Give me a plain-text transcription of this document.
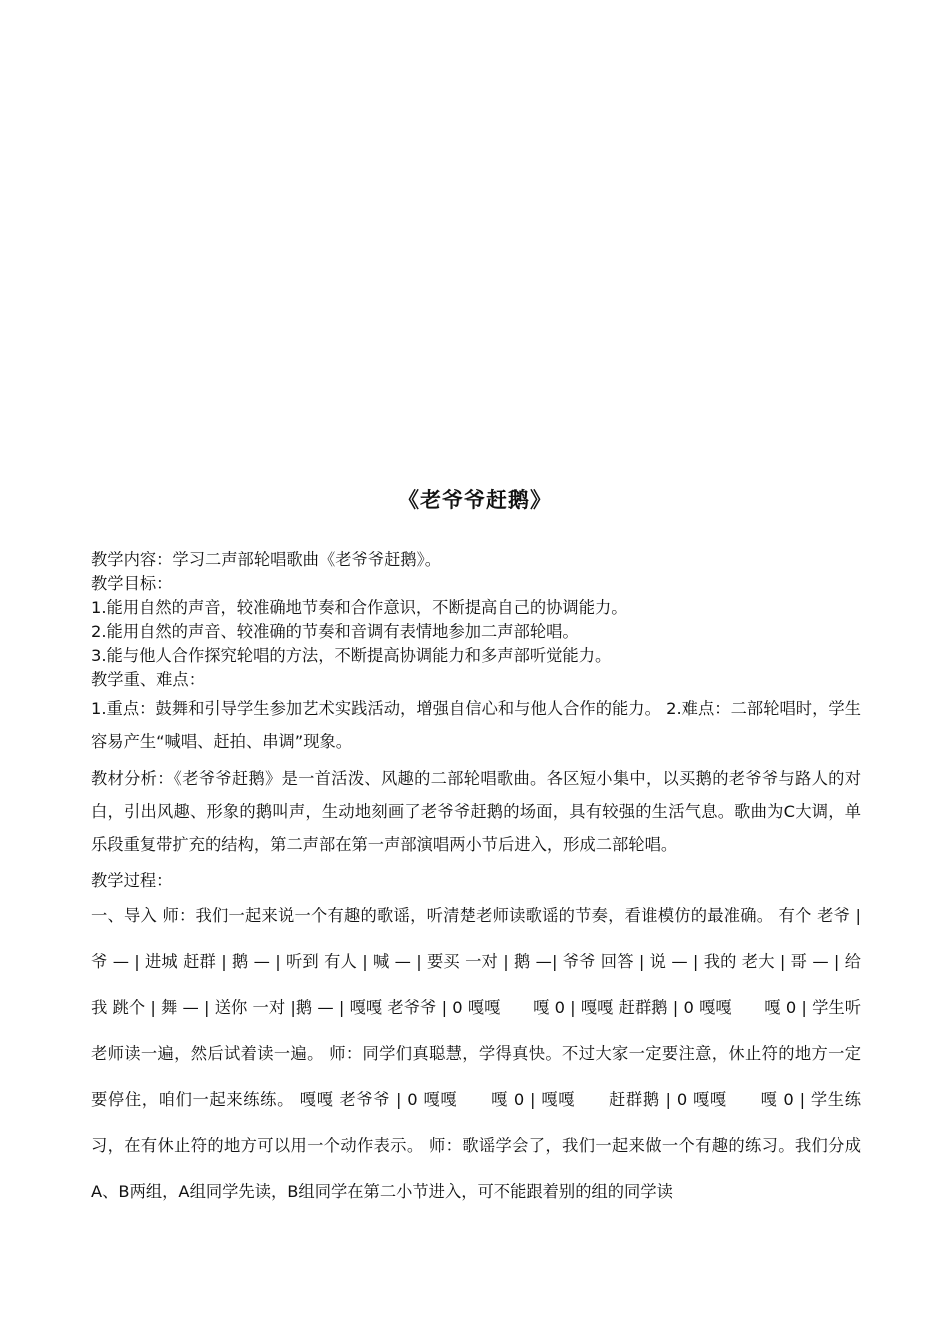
《老爷爷赶鹅》

教学内容：学习二声部轮唱歌曲《老爷爷赶鹅》。

教学目标：

1.能用自然的声音，较准确地节奏和合作意识，不断提高自己的协调能力。

2.能用自然的声音、较准确的节奏和音调有表情地参加二声部轮唱。

3.能与他人合作探究轮唱的方法，不断提高协调能力和多声部听觉能力。

教学重、难点：

1.重点：鼓舞和引导学生参加艺术实践活动，增强自信心和与他人合作的能力。 2.难点：二部轮唱时，学生容易产生“喊唱、赶拍、串调”现象。

教材分析：《老爷爷赶鹅》是一首活泼、风趣的二部轮唱歌曲。各区短小集中，以买鹅的老爷爷与路人的对白，引出风趣、形象的鹅叫声，生动地刻画了老爷爷赶鹅的场面，具有较强的生活气息。歌曲为C大调，单乐段重复带扩充的结构，第二声部在第一声部演唱两小节后进入，形成二部轮唱。

教学过程：

一、导入 师：我们一起来说一个有趣的歌谣，听清楚老师读歌谣的节奏，看谁模仿的最准确。 有个 老爷 | 爷 — | 进城 赶群 | 鹅 — | 听到 有人 | 喊 — | 要买 一对 | 鹅 —| 爷爷 回答 | 说 — | 我的 老大 | 哥 — | 给我 跳个 | 舞 — | 送你 一对 |鹅 — | 嘎嘎 老爷爷 | 0 嘎嘎　　嘎 0 | 嘎嘎 赶群鹅 | 0 嘎嘎　　嘎 0 | 学生听老师读一遍，然后试着读一遍。 师：同学们真聪慧，学得真快。不过大家一定要注意，休止符的地方一定要停住，咱们一起来练练。 嘎嘎 老爷爷 | 0 嘎嘎　　嘎 0 | 嘎嘎　　赶群鹅 | 0 嘎嘎　　嘎 0 | 学生练习，在有休止符的地方可以用一个动作表示。 师：歌谣学会了，我们一起来做一个有趣的练习。我们分成A、B两组，A组同学先读，B组同学在第二小节进入，可不能跟着别的组的同学读
